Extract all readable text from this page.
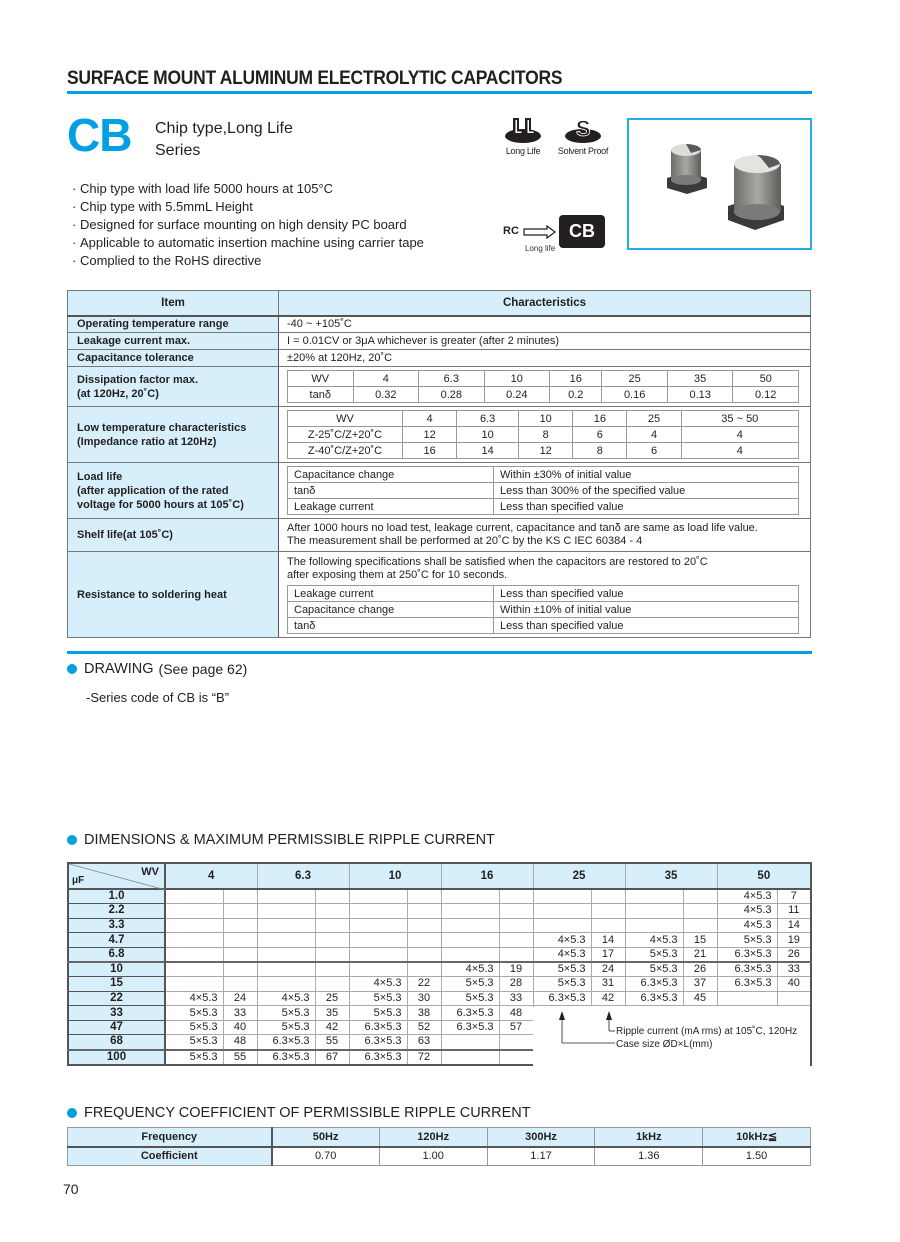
SURFACE MOUNT ALUMINUM ELECTROLYTIC CAPACITORS
CB Chip type,Long Life
Series
· Chip type with load life 5000 hours at 105°C
· Chip type with 5.5mmL Height
· Designed for surface mounting on high density PC board
· Applicable to automatic insertion machine using carrier tape
· Complied to the RoHS directive
Long Life
S
Solvent Proof
RC
Long life
CB
Item	Characteristics
Operating temperature range	-40 ~ +105˚C
Leakage current max.	I = 0.01CV or 3μA whichever is greater (after 2 minutes)
Capacitance tolerance	±20% at 120Hz, 20˚C

Dissipation factor max.
(at 120Hz, 20˚C)

WV	4	6.3	10	16	25	35	50
tanδ	0.32	0.28	0.24	0.2	0.16	0.13	0.12

Low temperature characteristics
(Impedance ratio at 120Hz)

WV	4	6.3	10	16	25	35 ~ 50
Z-25˚C/Z+20˚C	12	10	8	6	4	4
Z-40˚C/Z+20˚C	16	14	12	8	6	4

Load life
(after application of the rated
voltage for 5000 hours at 105˚C)

Capacitance change	Within ±30% of initial value
tanδ	Less than 300% of the specified value
Leakage current	Less than specified value

Shelf life(at 105˚C)	
After 1000 hours no load test, leakage current, capacitance and tanδ are same as load life value.
The measurement shall be performed at 20˚C by the KS C IEC 60384 - 4

Resistance to soldering heat	
The following specifications shall be satisfied when the capacitors are restored to 20˚C
after exposing them at 250˚C for 10 seconds.
Leakage current	Less than specified value
Capacitance change	Within ±10% of initial value
tanδ	Less than specified value
DRAWING (See page 62)
-Series code of CB is “B”
DIMENSIONS & MAXIMUM PERMISSIBLE RIPPLE CURRENT
WV
μF	4		6.3		10		16		25		35		50	
1.0													4×5.3	7
2.2													4×5.3	11
3.3													4×5.3	14
4.7									4×5.3	14	4×5.3	15	5×5.3	19
6.8									4×5.3	17	5×5.3	21	6.3×5.3	26
10							4×5.3	19	5×5.3	24	5×5.3	26	6.3×5.3	33
15					4×5.3	22	5×5.3	28	5×5.3	31	6.3×5.3	37	6.3×5.3	40
22	4×5.3	24	4×5.3	25	5×5.3	30	5×5.3	33	6.3×5.3	42	6.3×5.3	45		
33	5×5.3	33	5×5.3	35	5×5.3	38	6.3×5.3	48						
47	5×5.3	40	5×5.3	42	6.3×5.3	52	6.3×5.3	57						
68	5×5.3	48	6.3×5.3	55	6.3×5.3	63								
100	5×5.3	55	6.3×5.3	67	6.3×5.3	72								
Ripple current (mA rms) at 105˚C, 120Hz
Case size ØD×L(mm)
FREQUENCY COEFFICIENT OF PERMISSIBLE RIPPLE CURRENT
Frequency	50Hz	120Hz	300Hz	1kHz	10kHz≦
Coefficient	0.70	1.00	1.17	1.36	1.50
70
